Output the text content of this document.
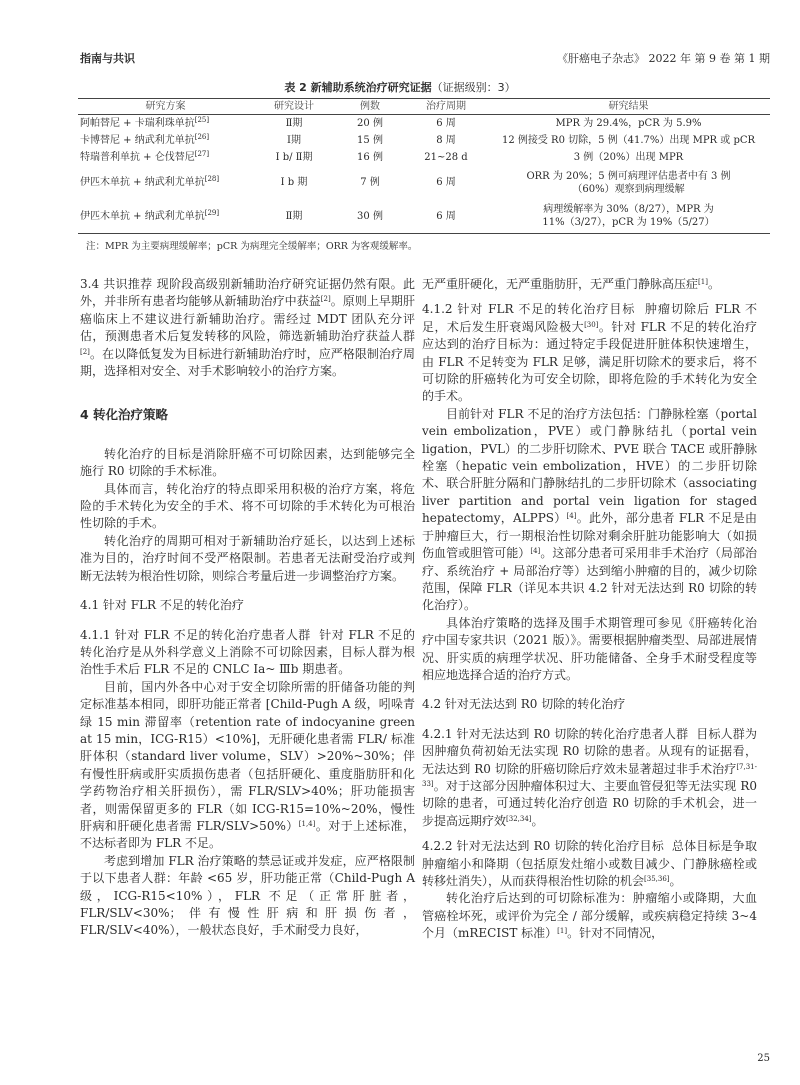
指南与共识	《肝癌电子杂志》 2022 年 第 9 卷 第 1 期
表 2 新辅助系统治疗研究证据（证据级别：3）
研究方案	研究设计	例数	治疗周期	研究结果
阿帕替尼 + 卡瑞利珠单抗[25]	Ⅱ期	20 例	6 周	MPR 为 29.4%，pCR 为 5.9%
卡博替尼 + 纳武利尤单抗[26]	Ⅰ期	15 例	8 周	12 例接受 R0 切除，5 例（41.7%）出现 MPR 或 pCR
特瑞普利单抗 + 仑伐替尼[27]	Ⅰ b/ Ⅱ期	16 例	21~28 d	3 例（20%）出现 MPR
伊匹木单抗 + 纳武利尤单抗[28]	Ⅰ b 期	7 例	6 周	ORR 为 20%；5 例可病理评估患者中有 3 例（60%）观察到病理缓解
伊匹木单抗 + 纳武利尤单抗[29]	Ⅱ期	30 例	6 周	病理缓解率为 30%（8/27），MPR 为 11%（3/27），pCR 为 19%（5/27）
注：MPR 为主要病理缓解率；pCR 为病理完全缓解率；ORR 为客观缓解率。

3.4 共识推荐 现阶段高级别新辅助治疗研究证据仍然有限。此外，并非所有患者均能够从新辅助治疗中获益[2]。原则上早期肝癌临床上不建议进行新辅助治疗。需经过 MDT 团队充分评估，预测患者术后复发转移的风险，筛选新辅助治疗获益人群[2]。在以降低复发为目标进行新辅助治疗时，应严格限制治疗周期，选择相对安全、对手术影响较小的治疗方案。

4 转化治疗策略

转化治疗的目标是消除肝癌不可切除因素，达到能够完全施行 R0 切除的手术标准。

具体而言，转化治疗的特点即采用积极的治疗方案，将危险的手术转化为安全的手术、将不可切除的手术转化为可根治性切除的手术。

转化治疗的周期可相对于新辅助治疗延长，以达到上述标准为目的，治疗时间不受严格限制。若患者无法耐受治疗或判断无法转为根治性切除，则综合考量后进一步调整治疗方案。

4.1 针对 FLR 不足的转化治疗

4.1.1 针对 FLR 不足的转化治疗患者人群 针对 FLR 不足的转化治疗是从外科学意义上消除不可切除因素，目标人群为根治性手术后 FLR 不足的 CNLC Ⅰa~ Ⅲb 期患者。

目前，国内外各中心对于安全切除所需的肝储备功能的判定标准基本相同，即肝功能正常者 [Child-Pugh A 级，吲哚青绿 15 min 滞留率（retention rate of indocyanine green at 15 min，ICG-R15）<10%]，无肝硬化患者需 FLR/ 标准肝体积（standard liver volume，SLV）>20%~30%；伴有慢性肝病或肝实质损伤患者（包括肝硬化、重度脂肪肝和化学药物治疗相关肝损伤），需 FLR/SLV>40%；肝功能损害者，则需保留更多的 FLR（如 ICG-R15=10%~20%，慢性肝病和肝硬化患者需 FLR/SLV>50%）[1,4]。对于上述标准，不达标者即为 FLR 不足。

考虑到增加 FLR 治疗策略的禁忌证或并发症，应严格限制于以下患者人群：年龄 <65 岁，肝功能正常（Child-Pugh A 级，ICG-R15<10%），FLR 不足（正常肝脏者，FLR/SLV<30%；伴有慢性肝病和肝损伤者，FLR/SLV<40%），一般状态良好，手术耐受力良好，

无严重肝硬化，无严重脂肪肝，无严重门静脉高压症[1]。

4.1.2 针对 FLR 不足的转化治疗目标 肿瘤切除后 FLR 不足，术后发生肝衰竭风险极大[30]。针对 FLR 不足的转化治疗应达到的治疗目标为：通过特定手段促进肝脏体积快速增生，由 FLR 不足转变为 FLR 足够，满足肝切除术的要求后，将不可切除的肝癌转化为可安全切除，即将危险的手术转化为安全的手术。

目前针对 FLR 不足的治疗方法包括：门静脉栓塞（portal vein embolization，PVE）或门静脉结扎（portal vein ligation，PVL）的二步肝切除术、PVE 联合 TACE 或肝静脉栓塞（hepatic vein embolization，HVE）的二步肝切除术、联合肝脏分隔和门静脉结扎的二步肝切除术（associating liver partition and portal vein ligation for staged hepatectomy，ALPPS）[4]。此外，部分患者 FLR 不足是由于肿瘤巨大，行一期根治性切除对剩余肝脏功能影响大（如损伤血管或胆管可能）[4]。这部分患者可采用非手术治疗（局部治疗、系统治疗 + 局部治疗等）达到缩小肿瘤的目的，减少切除范围，保障 FLR（详见本共识 4.2 针对无法达到 R0 切除的转化治疗）。

具体治疗策略的选择及围手术期管理可参见《肝癌转化治疗中国专家共识（2021 版）》。需要根据肿瘤类型、局部进展情况、肝实质的病理学状况、肝功能储备、全身手术耐受程度等相应地选择合适的治疗方式。

4.2 针对无法达到 R0 切除的转化治疗

4.2.1 针对无法达到 R0 切除的转化治疗患者人群 目标人群为因肿瘤负荷初始无法实现 R0 切除的患者。从现有的证据看，无法达到 R0 切除的肝癌切除后疗效未显著超过非手术治疗[7,31-33]。对于这部分因肿瘤体积过大、主要血管侵犯等无法实现 R0 切除的患者，可通过转化治疗创造 R0 切除的手术机会，进一步提高远期疗效[32,34]。

4.2.2 针对无法达到 R0 切除的转化治疗目标 总体目标是争取肿瘤缩小和降期（包括原发灶缩小或数目减少、门静脉癌栓或转移灶消失），从而获得根治性切除的机会[35,36]。

转化治疗后达到的可切除标准为：肿瘤缩小或降期，大血管癌栓坏死，或评价为完全 / 部分缓解，或疾病稳定持续 3~4 个月（mRECIST 标准）[1]。针对不同情况，

25
